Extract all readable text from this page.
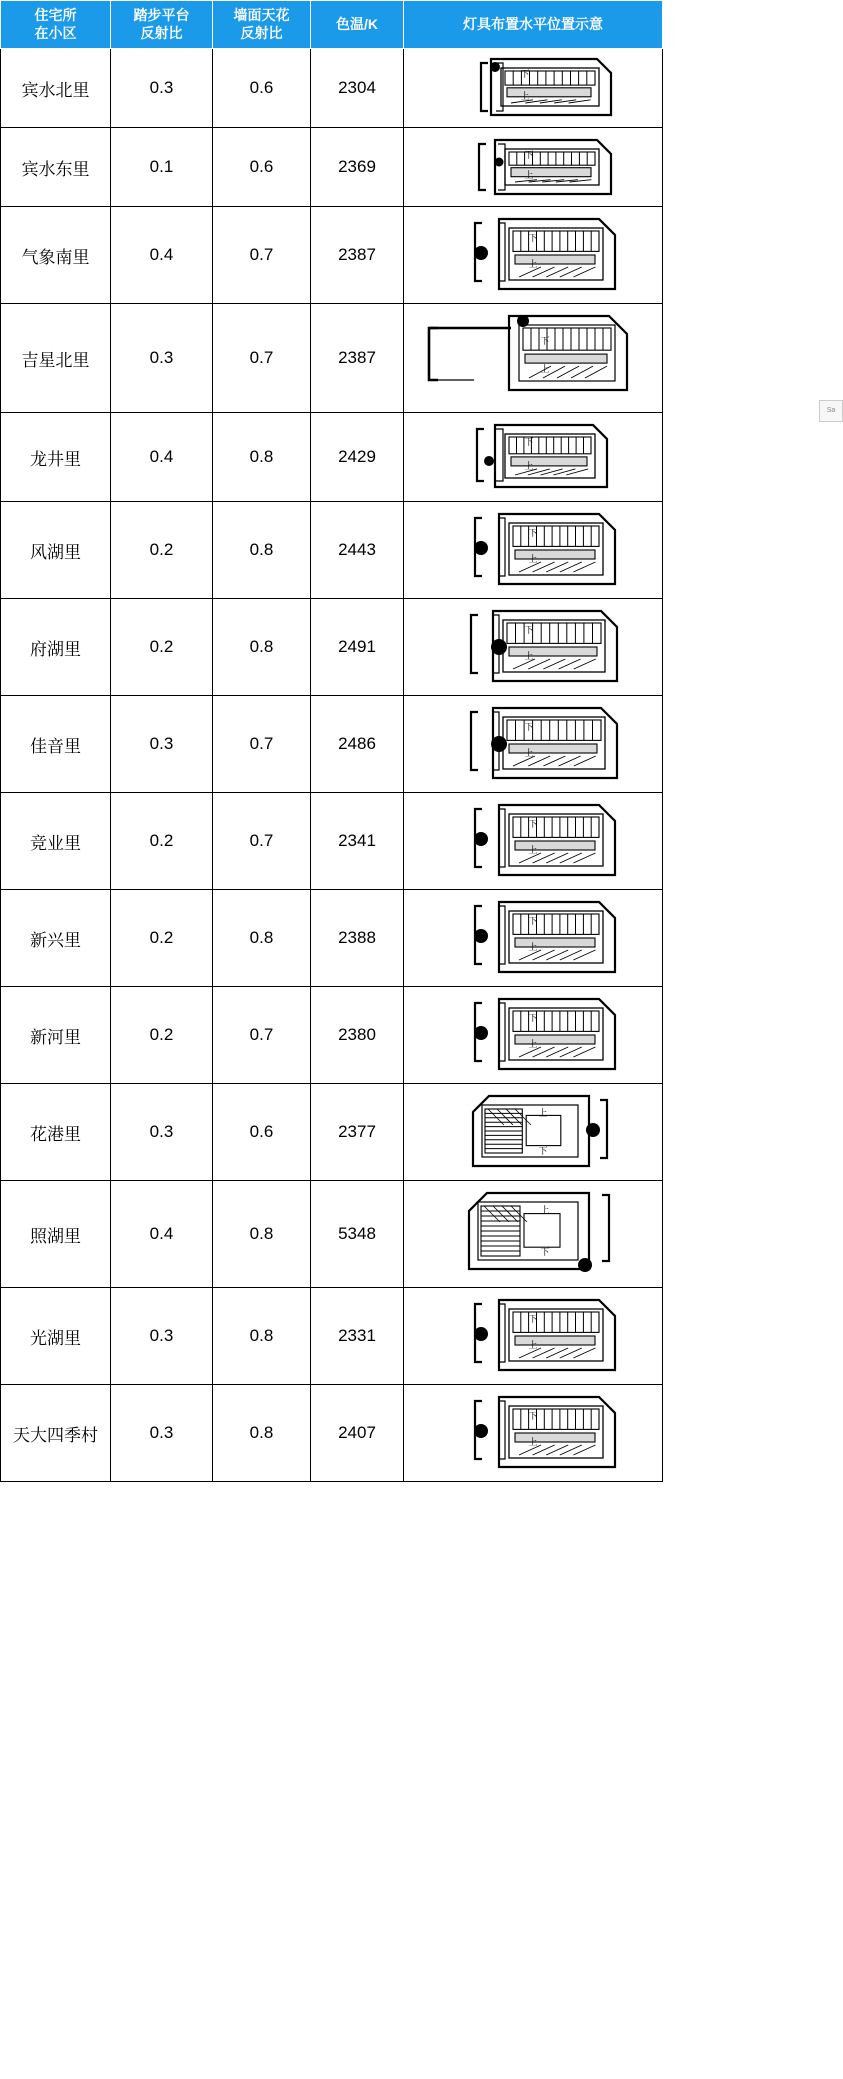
住宅所
在小区

踏步平台
反射比

墙面天花
反射比

色温/K	灯具布置水平位置示意

宾水北里	0.3	0.6	2304	下
上

宾水东里	0.1	0.6	2369	下
上

气象南里	0.4	0.7	2387	下
上

吉星北里	0.3	0.7	2387	下
上

龙井里	0.4	0.8	2429	下
上

风湖里	0.2	0.8	2443	下
上

府湖里	0.2	0.8	2491	下
上

佳音里	0.3	0.7	2486	下
上

竞业里	0.2	0.7	2341	下
上

新兴里	0.2	0.8	2388	下
上

新河里	0.2	0.7	2380	下
上

花港里	0.3	0.6	2377	上
下

照湖里	0.4	0.8	5348	上
下

光湖里	0.3	0.8	2331	下
上

天大四季村	0.3	0.8	2407	下
上
Sa
